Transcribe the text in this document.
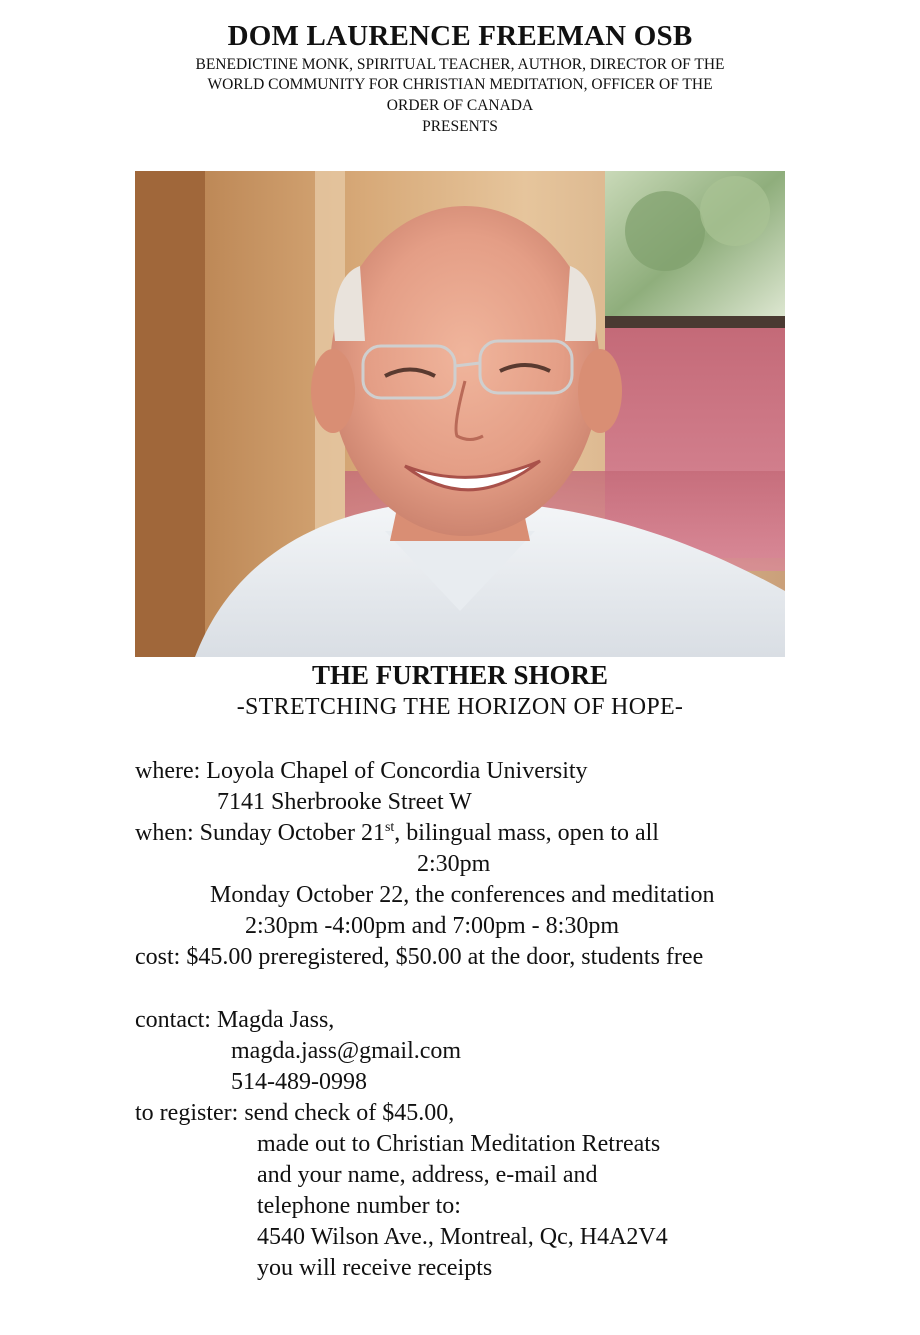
DOM LAURENCE FREEMAN OSB
BENEDICTINE MONK, SPIRITUAL TEACHER, AUTHOR, DIRECTOR OF THE
WORLD COMMUNITY FOR CHRISTIAN MEDITATION, OFFICER OF THE
ORDER OF CANADA
PRESENTS
THE FURTHER SHORE
-STRETCHING THE HORIZON OF HOPE-
where: Loyola Chapel of Concordia University
7141 Sherbrooke Street W
when: Sunday October 21st, bilingual mass, open to all
2:30pm
Monday October 22, the conferences and meditation
2:30pm -4:00pm and 7:00pm - 8:30pm
cost: $45.00 preregistered, $50.00 at the door, students free
contact: Magda Jass,
magda.jass@gmail.com
514-489-0998
to register: send check of $45.00,
made out to Christian Meditation Retreats
and your name, address, e-mail and
telephone number to:
4540 Wilson Ave., Montreal, Qc, H4A2V4
you will receive receipts
